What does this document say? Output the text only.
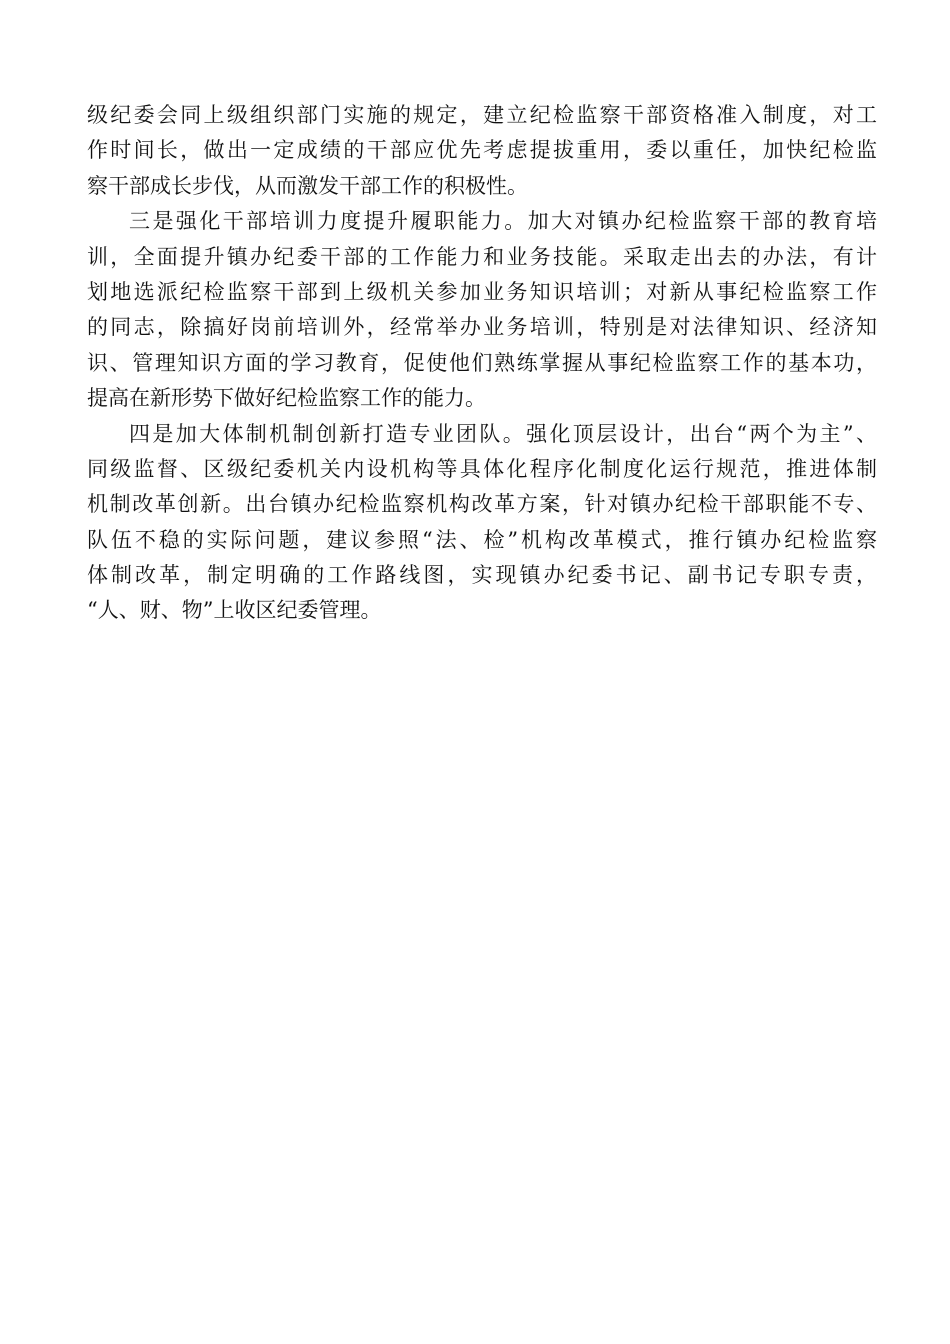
级纪委会同上级组织部门实施的规定，建立纪检监察干部资格准入制度，对工
作时间长，做出一定成绩的干部应优先考虑提拔重用，委以重任，加快纪检监
察干部成长步伐，从而激发干部工作的积极性。
三是强化干部培训力度提升履职能力。加大对镇办纪检监察干部的教育培
训，全面提升镇办纪委干部的工作能力和业务技能。采取走出去的办法，有计
划地选派纪检监察干部到上级机关参加业务知识培训；对新从事纪检监察工作
的同志，除搞好岗前培训外，经常举办业务培训，特别是对法律知识、经济知
识、管理知识方面的学习教育，促使他们熟练掌握从事纪检监察工作的基本功，
提高在新形势下做好纪检监察工作的能力。
四是加大体制机制创新打造专业团队。强化顶层设计，出台“两个为主”、
同级监督、区级纪委机关内设机构等具体化程序化制度化运行规范，推进体制
机制改革创新。出台镇办纪检监察机构改革方案，针对镇办纪检干部职能不专、
队伍不稳的实际问题，建议参照“法、检”机构改革模式，推行镇办纪检监察
体制改革，制定明确的工作路线图，实现镇办纪委书记、副书记专职专责，
“人、财、物”上收区纪委管理。
